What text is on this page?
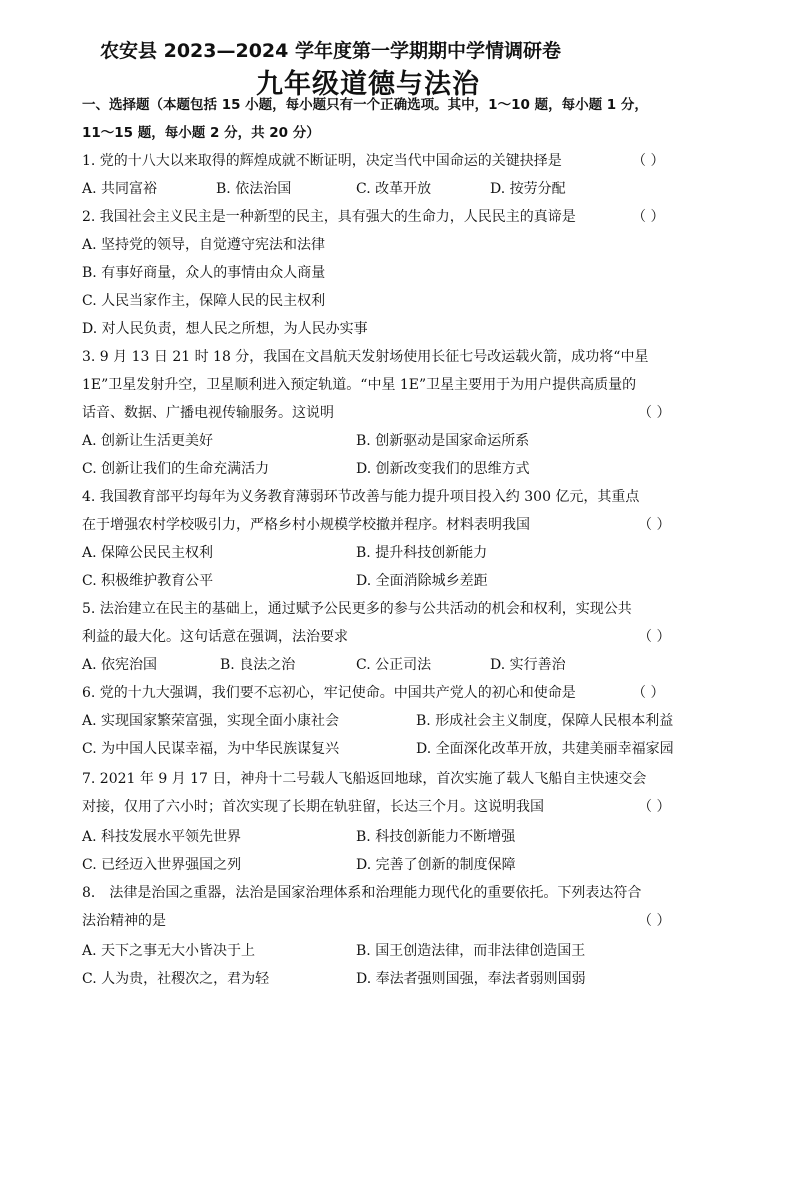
农安县 2023—2024 学年度第一学期期中学情调研卷
九年级道德与法治
一、选择题（本题包括 15 小题，每小题只有一个正确选项。其中，1～10 题，每小题 1 分，
11～15 题，每小题 2 分，共 20 分）
1. 党的十八大以来取得的辉煌成就不断证明，决定当代中国命运的关键抉择是	（ ）
A. 共同富裕	B. 依法治国	C. 改革开放	D. 按劳分配
2. 我国社会主义民主是一种新型的民主，具有强大的生命力，人民民主的真谛是	（ ）
A. 坚持党的领导，自觉遵守宪法和法律
B. 有事好商量，众人的事情由众人商量
C. 人民当家作主，保障人民的民主权利
D. 对人民负责，想人民之所想，为人民办实事
3. 9 月 13 日 21 时 18 分，我国在文昌航天发射场使用长征七号改运载火箭，成功将“中星
1E”卫星发射升空，卫星顺利进入预定轨道。“中星 1E”卫星主要用于为用户提供高质量的
话音、数据、广播电视传输服务。这说明	（ ）
A. 创新让生活更美好	B. 创新驱动是国家命运所系
C. 创新让我们的生命充满活力	D. 创新改变我们的思维方式
4. 我国教育部平均每年为义务教育薄弱环节改善与能力提升项目投入约 300 亿元，其重点
在于增强农村学校吸引力，严格乡村小规模学校撤并程序。材料表明我国	（ ）
A. 保障公民民主权利	B. 提升科技创新能力
C. 积极维护教育公平	D. 全面消除城乡差距
5. 法治建立在民主的基础上，通过赋予公民更多的参与公共活动的机会和权利，实现公共
利益的最大化。这句话意在强调，法治要求	（ ）
A. 依宪治国	B. 良法之治	C. 公正司法	D. 实行善治
6. 党的十九大强调，我们要不忘初心，牢记使命。中国共产党人的初心和使命是	（ ）
A. 实现国家繁荣富强，实现全面小康社会	B. 形成社会主义制度，保障人民根本利益
C. 为中国人民谋幸福，为中华民族谋复兴	D. 全面深化改革开放，共建美丽幸福家园
7. 2021 年 9 月 17 日，神舟十二号载人飞船返回地球，首次实施了载人飞船自主快速交会
对接，仅用了六小时；首次实现了长期在轨驻留，长达三个月。这说明我国	（ ）
A. 科技发展水平领先世界	B. 科技创新能力不断增强
C. 已经迈入世界强国之列	D. 完善了创新的制度保障
8． 法律是治国之重器，法治是国家治理体系和治理能力现代化的重要依托。下列表达符合
法治精神的是	（ ）
A. 天下之事无大小皆决于上	B. 国王创造法律，而非法律创造国王
C. 人为贵，社稷次之，君为轻	D. 奉法者强则国强，奉法者弱则国弱
